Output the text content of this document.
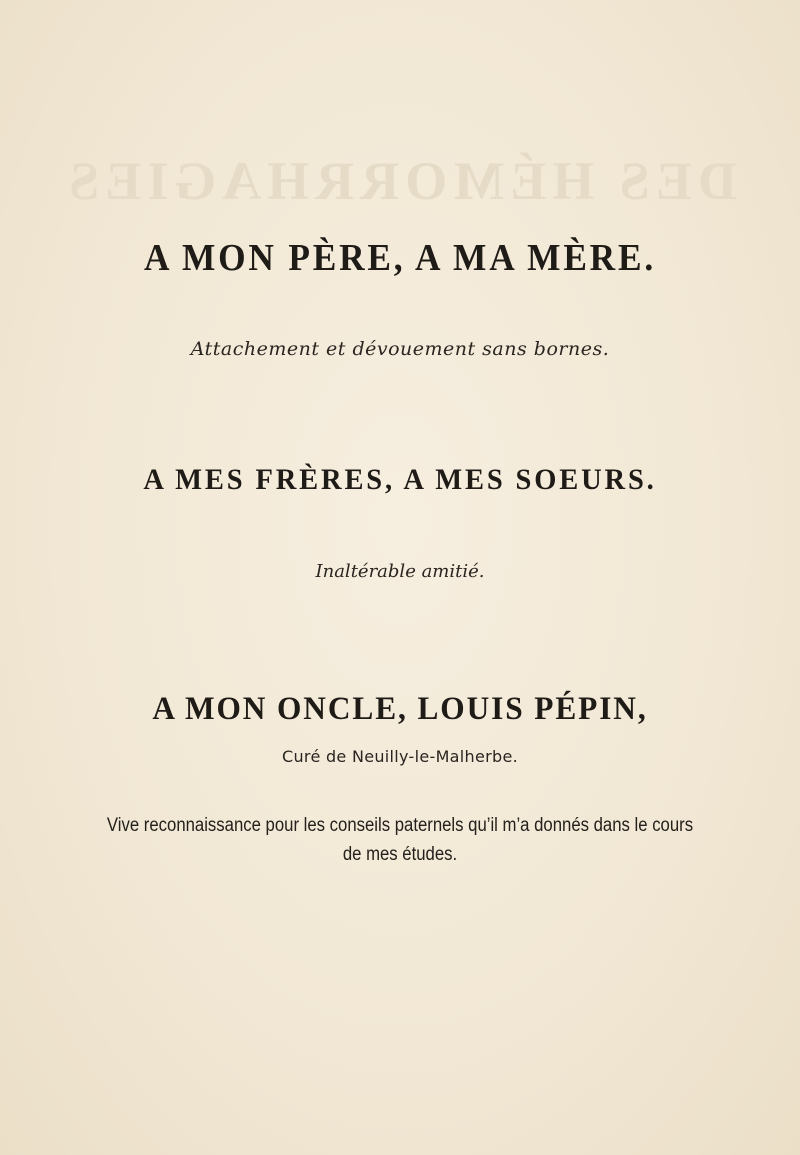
DES HÉMORRHAGIES
A MON PÈRE, A MA MÈRE.
Attachement et dévouement sans bornes.
A MES FRÈRES, A MES SOEURS.
Inaltérable amitié.
A MON ONCLE, LOUIS PÉPIN,
Curé de Neuilly-le-Malherbe.
Vive reconnaissance pour les conseils paternels qu’il m’a donnés dans le cours
de mes études.
